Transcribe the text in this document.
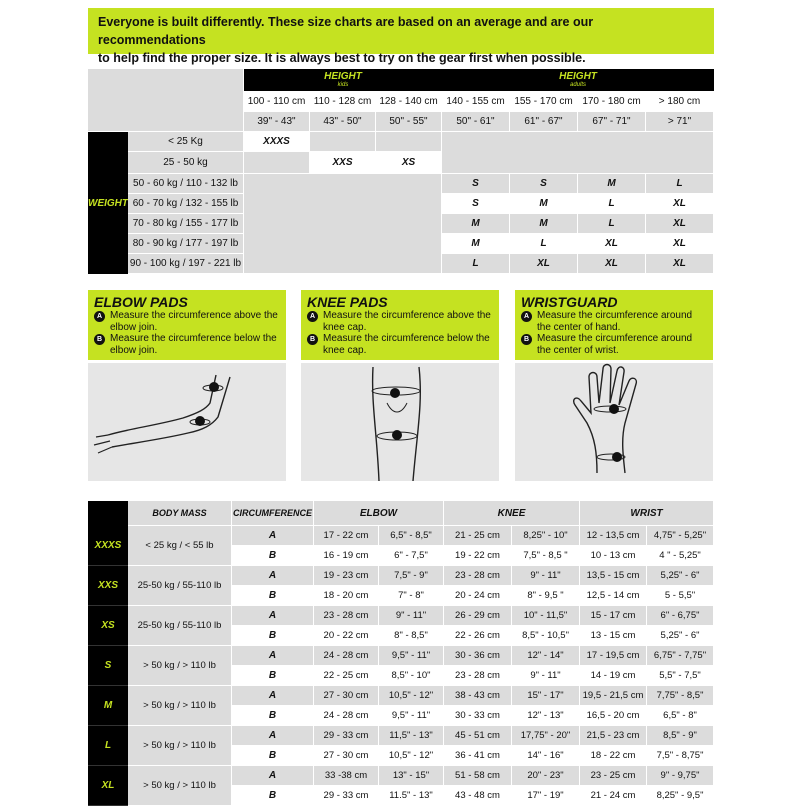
Everyone is built differently. These size charts are based on an average and are our recommendations
to help find the proper size. It is always best to try on the gear first when possible.
		HEIGHT
kids			HEIGHT
adults			

		100 - 110 cm	110 - 128 cm	128 - 140 cm	140 - 155 cm	155 - 170 cm	170 - 180 cm	> 180 cm
		39" - 43"	43" - 50"	50" - 55"	50" - 61"	61" - 67"	67" - 71"	> 71"
WEIGHT	< 25 Kg	XXXS						
	25 - 50 kg		XXS	XS				
	50 - 60 kg / 110 - 132 lb				S	S	M	L
	60 - 70 kg / 132 - 155 lb				S	M	L	XL
	70 - 80 kg / 155 - 177 lb				M	M	L	XL
	80 - 90 kg / 177 - 197 lb				M	L	XL	XL
	90 - 100 kg / 197 - 221 lb				L	XL	XL	XL
ELBOW PADS
A Measure the circumference above the elbow join.
B Measure the circumference below the elbow join.
KNEE PADS
A Measure the circumference above the knee cap.
B Measure the circumference below the knee cap.
WRISTGUARD
A Measure the circumference around the center of hand.
B Measure the circumference around the center of wrist.
	BODY MASS	CIRCUMFERENCE	ELBOW		KNEE		WRIST	
XXXS	< 25 kg / < 55 lb	A	17 - 22 cm	6,5" - 8,5"	21 - 25 cm	8,25" - 10"	12 - 13,5 cm	4,75" - 5,25"
		B	16 - 19 cm	6" - 7,5"	19 - 22 cm	7,5" - 8,5 "	10 - 13 cm	4 " - 5,25"
XXS	25-50 kg / 55-110 lb	A	19 - 23 cm	7,5" - 9"	23 - 28 cm	9" - 11"	13,5 - 15 cm	5,25" - 6"
		B	18 - 20 cm	7" - 8"	20 - 24 cm	8" - 9,5 "	12,5 - 14 cm	5 - 5,5"
XS	25-50 kg / 55-110 lb	A	23 - 28 cm	9" - 11"	26 - 29 cm	10" - 11,5"	15 - 17 cm	6" - 6,75"
		B	20 - 22 cm	8" - 8,5"	22 - 26 cm	8,5" - 10,5"	13 - 15 cm	5,25" - 6"
S	> 50 kg / > 110 lb	A	24 - 28 cm	9,5" - 11"	30 - 36 cm	12" - 14"	17 - 19,5 cm	6,75" - 7,75"
		B	22 - 25 cm	8,5" - 10"	23 - 28 cm	9" - 11"	14 - 19 cm	5,5" - 7,5"
M	> 50 kg / > 110 lb	A	27 - 30 cm	10,5" - 12"	38 - 43 cm	15" - 17"	19,5 - 21,5 cm	7,75" - 8,5"
		B	24 - 28 cm	9,5" - 11"	30 - 33 cm	12" - 13"	16,5 - 20 cm	6,5" - 8"
L	> 50 kg / > 110 lb	A	29 - 33 cm	11,5" - 13"	45 - 51 cm	17,75" - 20"	21,5 - 23 cm	8,5" - 9"
		B	27 - 30 cm	10,5" - 12"	36 - 41 cm	14" - 16"	18 - 22 cm	7,5" - 8,75"
XL	> 50 kg / > 110 lb	A	33 -38 cm	13" - 15"	51 - 58 cm	20" - 23"	23 - 25 cm	9" - 9,75"
		B	29 - 33 cm	11.5" - 13"	43 - 48 cm	17" - 19"	21 - 24 cm	8,25" - 9,5"
